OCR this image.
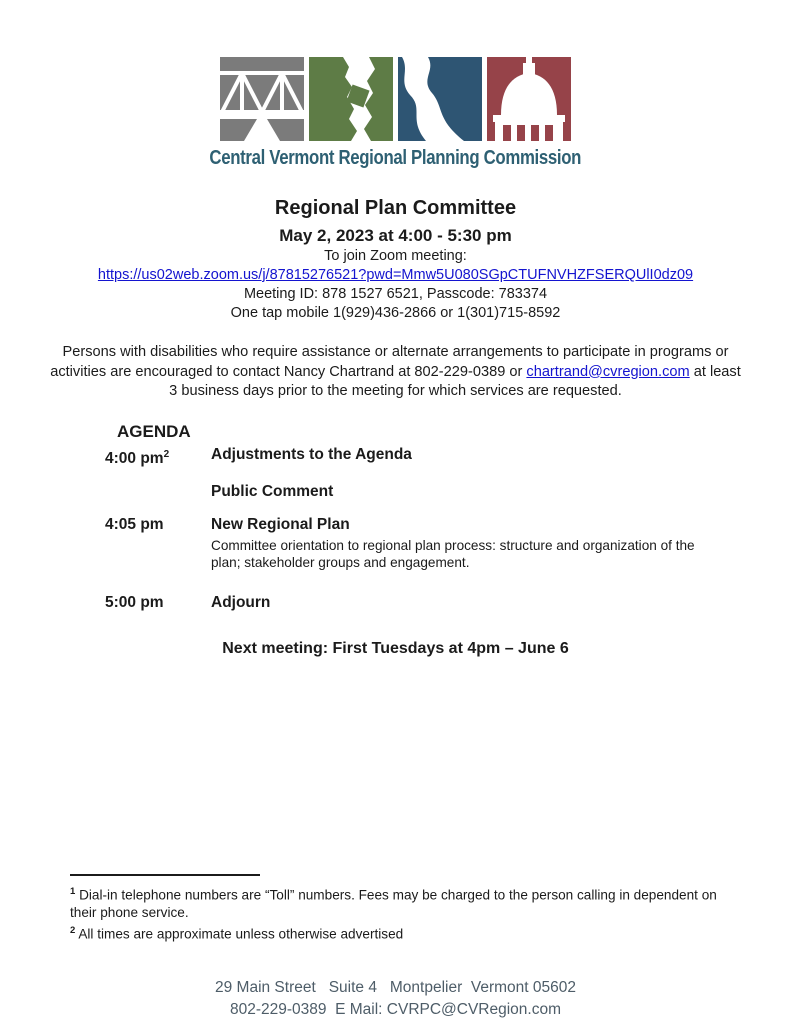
Central Vermont Regional Planning Commission
Regional Plan Committee
May 2, 2023 at 4:00 - 5:30 pm
To join Zoom meeting:
https://us02web.zoom.us/j/87815276521?pwd=Mmw5U080SGpCTUFNVHZFSERQUlI0dz09
Meeting ID: 878 1527 6521, Passcode: 783374
One tap mobile 1(929)436-2866 or 1(301)715-8592

Persons with disabilities who require assistance or alternate arrangements to participate in programs or activities are encouraged to contact Nancy Chartrand at 802-229-0389 or chartrand@cvregion.com at least 3 business days prior to the meeting for which services are requested.

AGENDA
4:00 $pm^2$	Adjustments to the Agenda
Public Comment
4:05 pm	New Regional Plan
Committee orientation to regional plan process: structure and organization of the plan; stakeholder groups and engagement.
5:00 pm	Adjourn
Next meeting: First Tuesdays at 4pm – June 6

$^1$ Dial-in telephone numbers are “Toll” numbers. Fees may be charged to the person calling in dependent on their phone service.

$^2$ All times are approximate unless otherwise advertised

29 Main Street   Suite 4   Montpelier  Vermont 05602
802-229-0389  E Mail: CVRPC@CVRegion.com
